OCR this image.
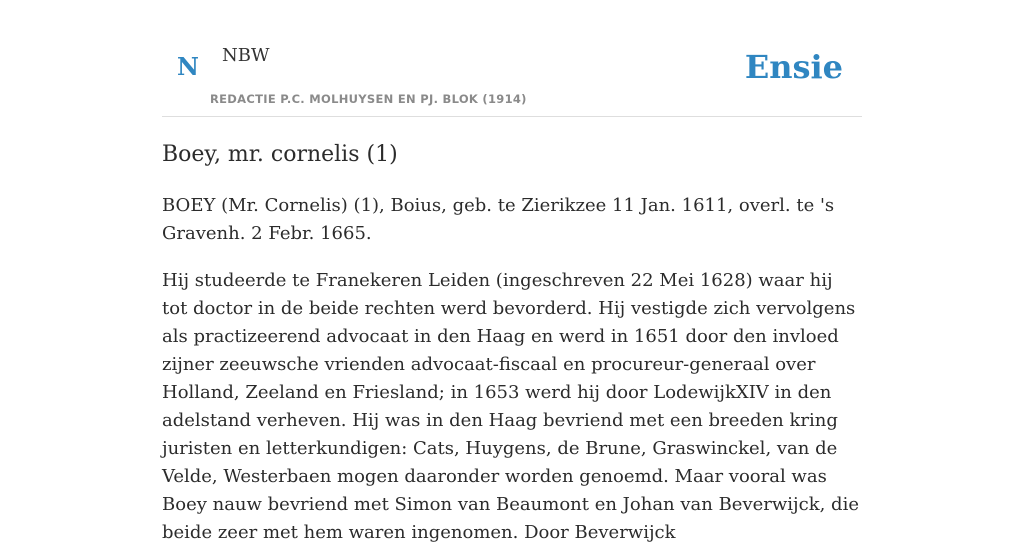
N NBW
REDACTIE P.C. MOLHUYSEN EN PJ. BLOK (1914)
Ensie
Boey, mr. cornelis (1)

BOEY (Mr. Cornelis) (1), Boius, geb. te Zierikzee 11 Jan. 1611, overl. te 's Gravenh. 2 Febr. 1665.

Hij studeerde te Franekeren Leiden (ingeschreven 22 Mei 1628) waar hij tot doctor in de beide rechten werd bevorderd. Hij vestigde zich vervolgens als practizeerend advocaat in den Haag en werd in 1651 door den invloed zijner zeeuwsche vrienden advocaat-fiscaal en procureur-generaal over Holland, Zeeland en Friesland; in 1653 werd hij door LodewijkXIV in den adelstand verheven. Hij was in den Haag bevriend met een breeden kring juristen en letterkundigen: Cats, Huygens, de Brune, Graswinckel, van de Velde, Westerbaen mogen daaronder worden genoemd. Maar vooral was Boey nauw bevriend met Simon van Beaumont en Johan van Beverwijck, die beide zeer met hem waren ingenomen. Door Beverwijck
